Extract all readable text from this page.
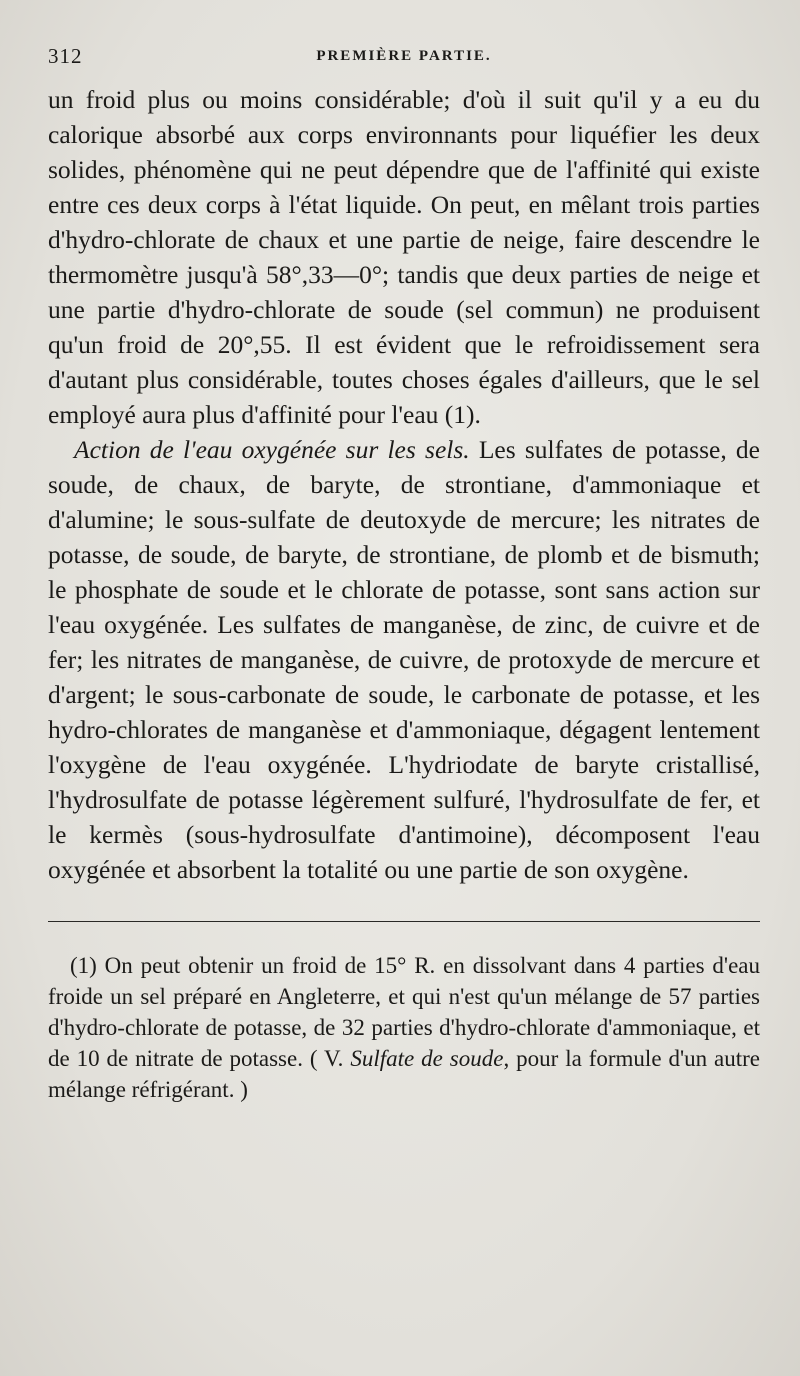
312	PREMIÈRE PARTIE.

un froid plus ou moins considérable; d'où il suit qu'il y a eu du calorique absorbé aux corps environnants pour liquéfier les deux solides, phénomène qui ne peut dépendre que de l'affinité qui existe entre ces deux corps à l'état liquide. On peut, en mêlant trois parties d'hydro-chlorate de chaux et une partie de neige, faire descendre le thermomètre jusqu'à 58°,33—0°; tandis que deux parties de neige et une partie d'hydro-chlorate de soude (sel commun) ne produisent qu'un froid de 20°,55. Il est évident que le refroidissement sera d'autant plus considérable, toutes choses égales d'ailleurs, que le sel employé aura plus d'affinité pour l'eau (1).

Action de l'eau oxygénée sur les sels. Les sulfates de potasse, de soude, de chaux, de baryte, de strontiane, d'ammoniaque et d'alumine; le sous-sulfate de deutoxyde de mercure; les nitrates de potasse, de soude, de baryte, de strontiane, de plomb et de bismuth; le phosphate de soude et le chlorate de potasse, sont sans action sur l'eau oxygénée. Les sulfates de manganèse, de zinc, de cuivre et de fer; les nitrates de manganèse, de cuivre, de protoxyde de mercure et d'argent; le sous-carbonate de soude, le carbonate de potasse, et les hydro-chlorates de manganèse et d'ammoniaque, dégagent lentement l'oxygène de l'eau oxygénée. L'hydriodate de baryte cristallisé, l'hydrosulfate de potasse légèrement sulfuré, l'hydrosulfate de fer, et le kermès (sous-hydrosulfate d'antimoine), décomposent l'eau oxygénée et absorbent la totalité ou une partie de son oxygène.

(1) On peut obtenir un froid de 15° R. en dissolvant dans 4 parties d'eau froide un sel préparé en Angleterre, et qui n'est qu'un mélange de 57 parties d'hydro-chlorate de potasse, de 32 parties d'hydro-chlorate d'ammoniaque, et de 10 de nitrate de potasse. ( V. Sulfate de soude, pour la formule d'un autre mélange réfrigérant. )
